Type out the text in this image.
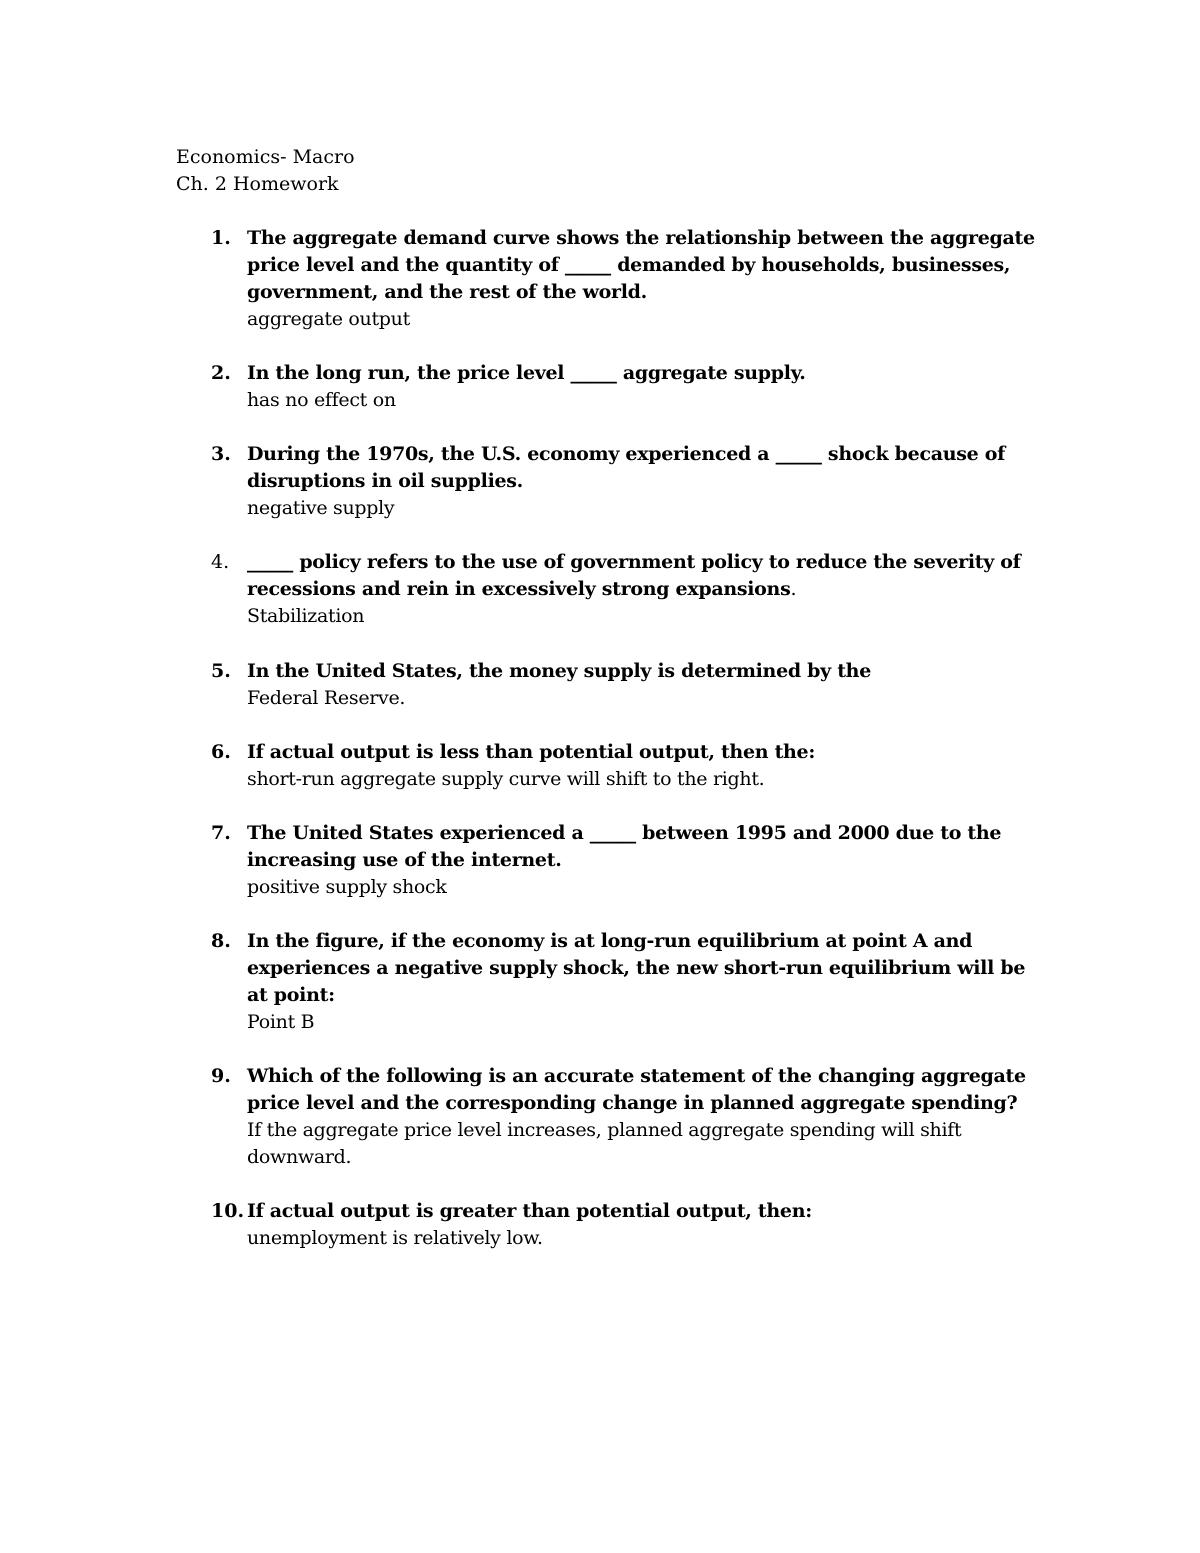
Economics- Macro
Ch. 2 Homework
1. The aggregate demand curve shows the relationship between the aggregate price level and the quantity of _____ demanded by households, businesses, government, and the rest of the world.
aggregate output
2. In the long run, the price level _____ aggregate supply.
has no effect on
3. During the 1970s, the U.S. economy experienced a _____ shock because of disruptions in oil supplies.
negative supply
4. _____ policy refers to the use of government policy to reduce the severity of recessions and rein in excessively strong expansions.
Stabilization
5. In the United States, the money supply is determined by the
Federal Reserve.
6. If actual output is less than potential output, then the:
short-run aggregate supply curve will shift to the right.
7. The United States experienced a _____ between 1995 and 2000 due to the increasing use of the internet.
positive supply shock
8. In the figure, if the economy is at long-run equilibrium at point A and experiences a negative supply shock, the new short-run equilibrium will be at point:
Point B
9. Which of the following is an accurate statement of the changing aggregate price level and the corresponding change in planned aggregate spending?
If the aggregate price level increases, planned aggregate spending will shift downward.
10. If actual output is greater than potential output, then:
unemployment is relatively low.
